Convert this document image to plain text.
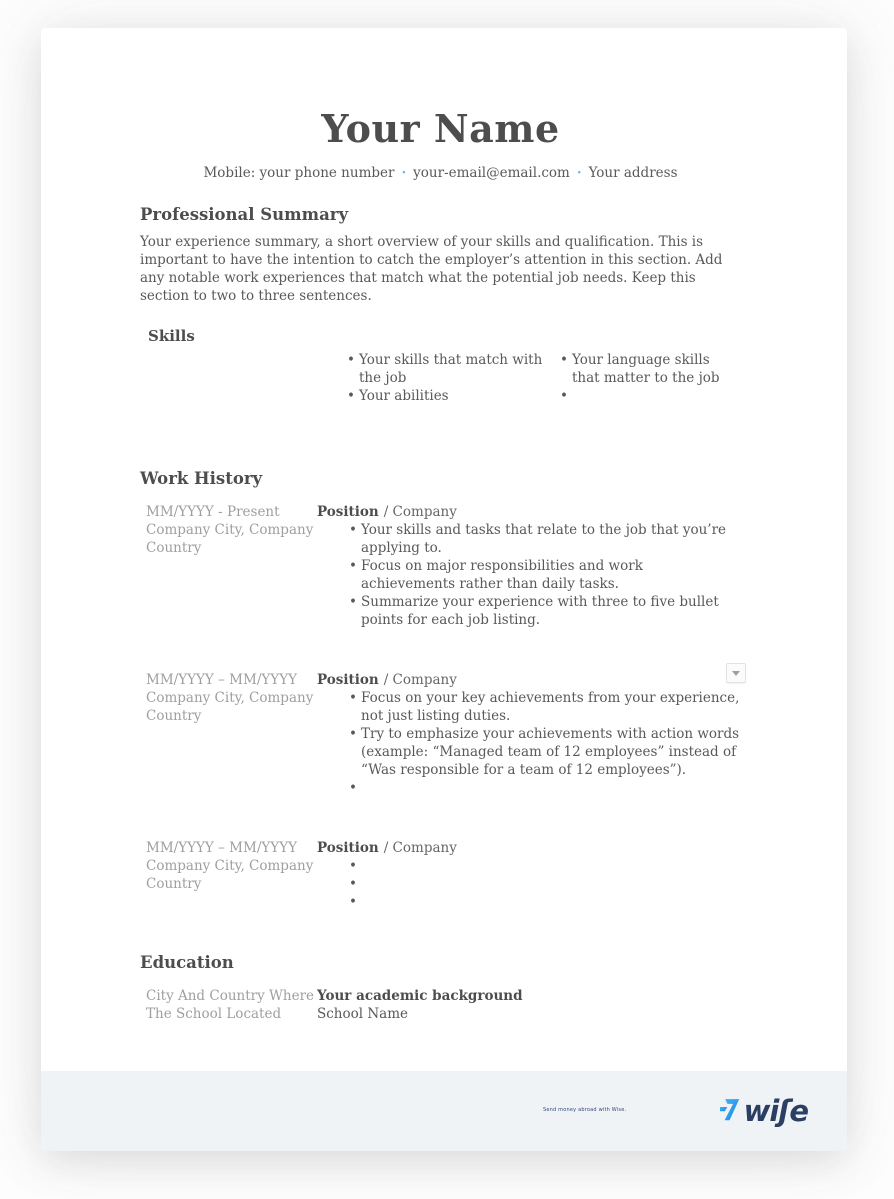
Your Name
Mobile: your phone number · your-email@email.com · Your address
Professional Summary

Your experience summary, a short overview of your skills and qualification. This is important to have the intention to catch the employer’s attention in this section. Add any notable work experiences that match what the potential job needs. Keep this section to two to three sentences.

Skills
• Your skills that match with the job
• Your abilities
• Your language skills that matter to the job
•
Work History
MM/YYYY - Present
Company City, Company Country
Position / Company
• Your skills and tasks that relate to the job that you’re applying to.
• Focus on major responsibilities and work achievements rather than daily tasks.
• Summarize your experience with three to five bullet points for each job listing.
MM/YYYY – MM/YYYY
Company City, Company Country
Position / Company
• Focus on your key achievements from your experience, not just listing duties.
• Try to emphasize your achievements with action words (example: “Managed team of 12 employees” instead of “Was responsible for a team of 12 employees”).
•
MM/YYYY – MM/YYYY
Company City, Company Country
Position / Company
•
•
•
Education
City And Country Where The School Located
Your academic background
School Name
Send money abroad with Wise.	wiʃe
